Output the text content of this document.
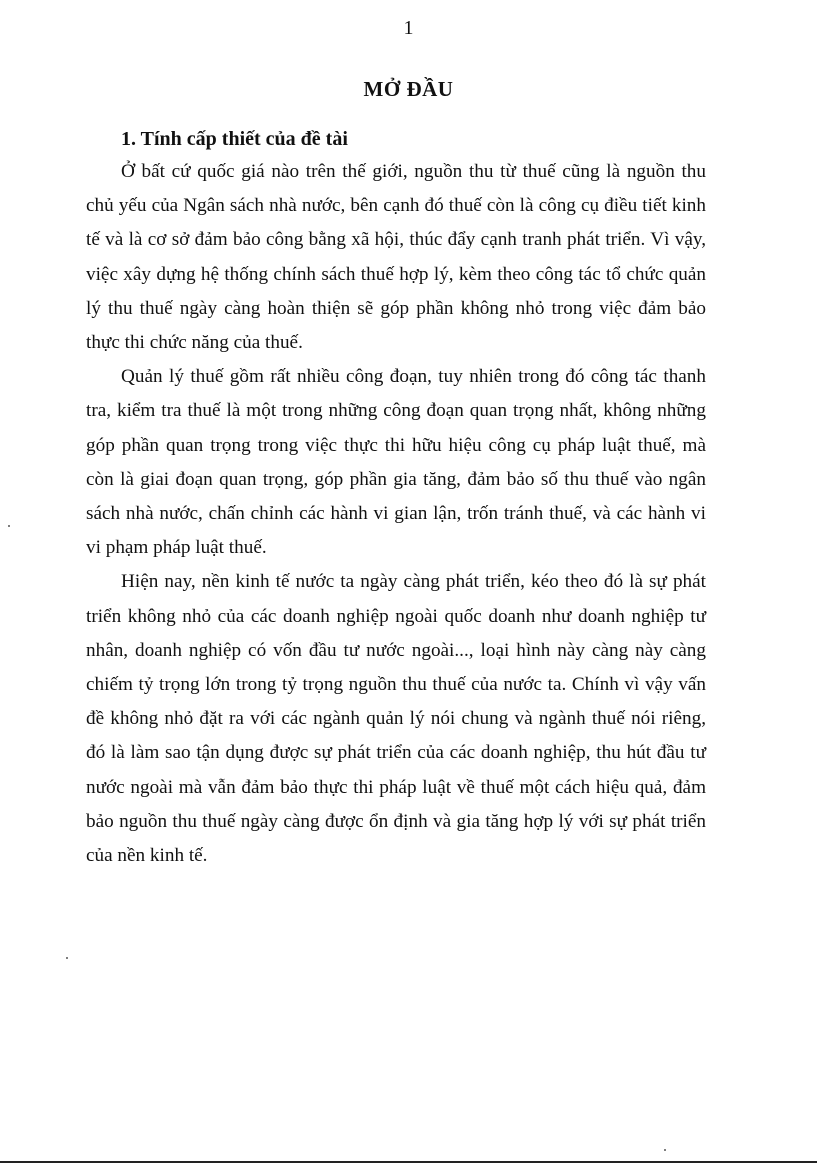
1
MỞ ĐẦU
1. Tính cấp thiết của đề tài

Ở bất cứ quốc giá nào trên thế giới, nguồn thu từ thuế cũng là nguồn thu chủ yếu của Ngân sách nhà nước, bên cạnh đó thuế còn là công cụ điều tiết kinh tế và là cơ sở đảm bảo công bằng xã hội, thúc đẩy cạnh tranh phát triển. Vì vậy, việc xây dựng hệ thống chính sách thuế hợp lý, kèm theo công tác tổ chức quản lý thu thuế ngày càng hoàn thiện sẽ góp phần không nhỏ trong việc đảm bảo thực thi chức năng của thuế.

Quản lý thuế gồm rất nhiều công đoạn, tuy nhiên trong đó công tác thanh tra, kiểm tra thuế là một trong những công đoạn quan trọng nhất, không những góp phần quan trọng trong việc thực thi hữu hiệu công cụ pháp luật thuế, mà còn là giai đoạn quan trọng, góp phần gia tăng, đảm bảo số thu thuế vào ngân sách nhà nước, chấn chỉnh các hành vi gian lận, trốn tránh thuế, và các hành vi vi phạm pháp luật thuế.

Hiện nay, nền kinh tế nước ta ngày càng phát triển, kéo theo đó là sự phát triển không nhỏ của các doanh nghiệp ngoài quốc doanh như doanh nghiệp tư nhân, doanh nghiệp có vốn đầu tư nước ngoài..., loại hình này càng này càng chiếm tỷ trọng lớn trong tỷ trọng nguồn thu thuế của nước ta. Chính vì vậy vấn đề không nhỏ đặt ra với các ngành quản lý nói chung và ngành thuế nói riêng, đó là làm sao tận dụng được sự phát triển của các doanh nghiệp, thu hút đầu tư nước ngoài mà vẫn đảm bảo thực thi pháp luật về thuế một cách hiệu quả, đảm bảo nguồn thu thuế ngày càng được ổn định và gia tăng hợp lý với sự phát triển của nền kinh tế.
